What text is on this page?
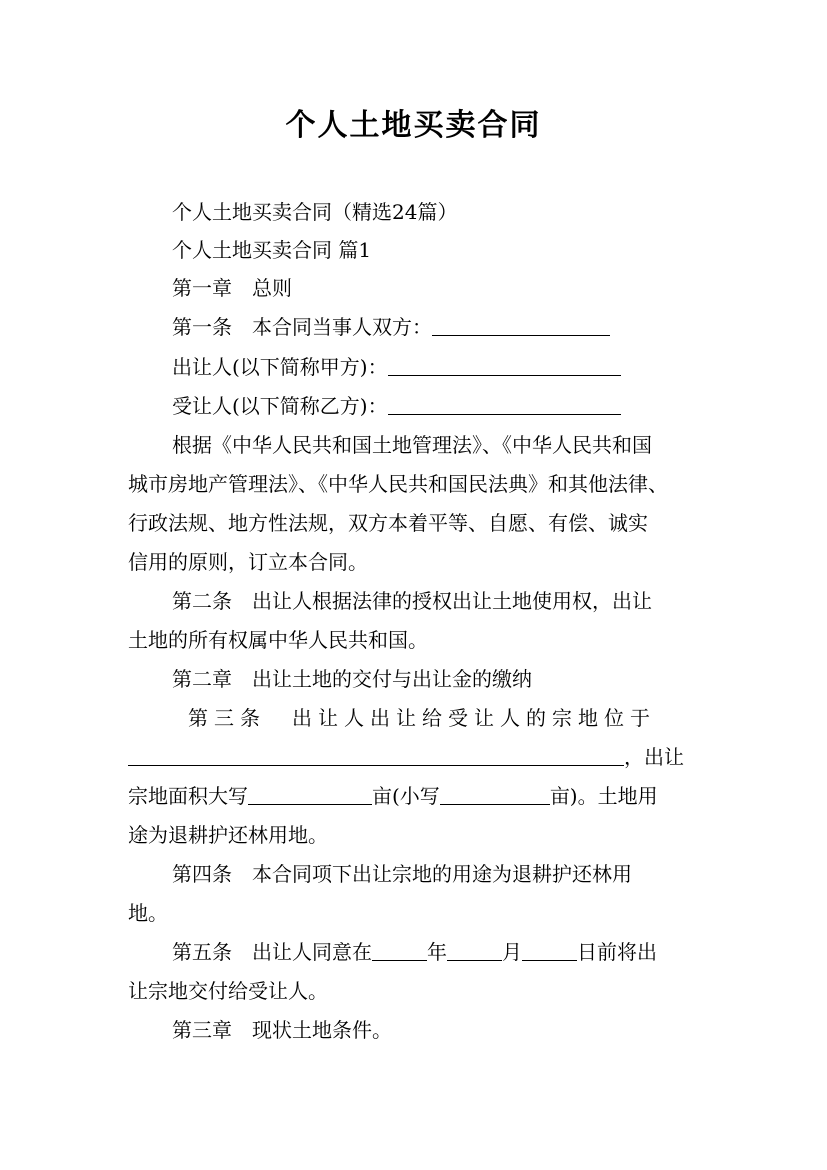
个人土地买卖合同
个人土地买卖合同（精选24篇）
个人土地买卖合同 篇1
第一章　总则
第一条　本合同当事人双方：
出让人(以下简称甲方)：
受让人(以下简称乙方)：
根据《中华人民共和国土地管理法》、《中华人民共和国
城市房地产管理法》、《中华人民共和国民法典》和其他法律、
行政法规、地方性法规，双方本着平等、自愿、有偿、诚实
信用的原则，订立本合同。
第二条　出让人根据法律的授权出让土地使用权，出让
土地的所有权属中华人民共和国。
第二章　出让土地的交付与出让金的缴纳
第三条　出让人出让给受让人的宗地位于
，出让
宗地面积大写	亩(小写	亩)。土地用
途为退耕护还林用地。
第四条　本合同项下出让宗地的用途为退耕护还林用
地。
第五条　出让人同意在	年	月	日前将出
让宗地交付给受让人。
第三章　现状土地条件。
